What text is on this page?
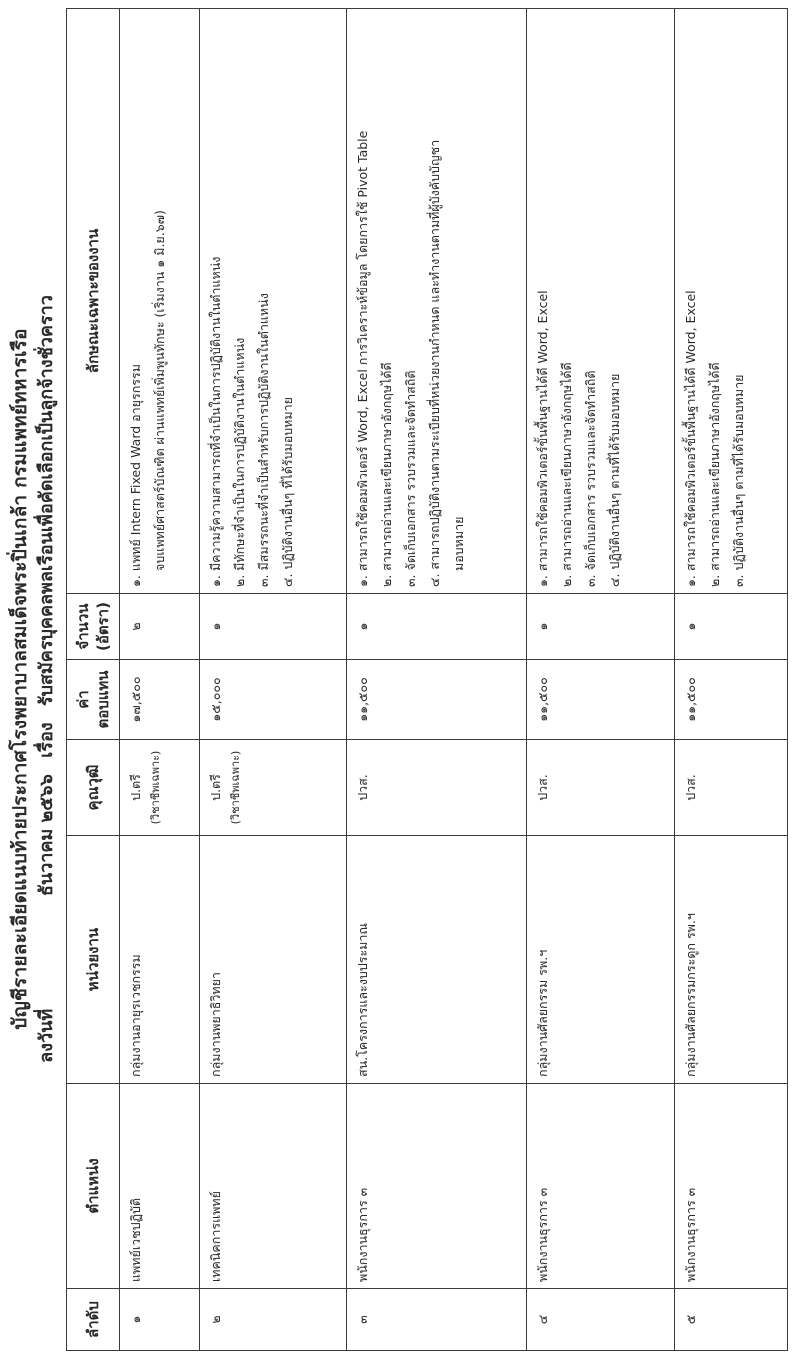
บัญชีรายละเอียดแนบท้ายประกาศโรงพยาบาลสมเด็จพระปิ่นเกล้า กรมแพทย์ทหารเรือ
ลงวันที่  ธันวาคม ๒๕๖๖ เรื่อง รับสมัครบุคคลพลเรือนเพื่อคัดเลือกเป็นลูกจ้างชั่วคราว
ลำดับ	ตำแหน่ง	หน่วยงาน	คุณวุฒิ	ค่าตอบแทน	จำนวน (อัตรา)	ลักษณะเฉพาะของงาน
๑	แพทย์เวชปฏิบัติ	กลุ่มงานอายุรเวชกรรม	ป.ตรี (วิชาชีพเฉพาะ)	๑๗,๕๐๐	๒	๑. แพทย์ Intern Fixed Ward อายุรกรรม จบแพทย์ศาสตร์บัณฑิต ผ่านแพทย์เพิ่มพูนทักษะ (เริ่มงาน ๑ มิ.ย.๖๗)

๒	เทคนิคการแพทย์	กลุ่มงานพยาธิวิทยา	ป.ตรี (วิชาชีพเฉพาะ)	๑๕,๐๐๐	๑	๑. มีความรู้ความสามารถที่จำเป็นในการปฏิบัติงานในตำแหน่ง ๒. มีทักษะที่จำเป็นในการปฏิบัติงานในตำแหน่ง ๓. มีสมรรถนะที่จำเป็นสำหรับการปฏิบัติงานในตำแหน่ง ๔. ปฏิบัติงานอื่นๆ ที่ได้รับมอบหมาย

๓	พนักงานธุรการ ๓	สน.โครงการและงบประมาณ	ปวส.	๑๑,๕๐๐	๑	๑. สามารถใช้คอมพิวเตอร์ Word, Excel การวิเคราะห์ข้อมูล โดยการใช้ Pivot Table ๒. สามารถอ่านและเขียนภาษาอังกฤษได้ดี ๓. จัดเก็บเอกสาร รวบรวมและจัดทำสถิติ ๔. สามารถปฏิบัติงานตามระเบียบที่หน่วยงานกำหนด และทำงานตามที่ผู้บังคับบัญชา มอบหมาย

๔	พนักงานธุรการ ๓	กลุ่มงานศัลยกรรม รพ.ฯ	ปวส.	๑๑,๕๐๐	๑	๑. สามารถใช้คอมพิวเตอร์ขั้นพื้นฐานได้ดี Word, Excel ๒. สามารถอ่านและเขียนภาษาอังกฤษได้ดี ๓. จัดเก็บเอกสาร รวบรวมและจัดทำสถิติ ๔. ปฏิบัติงานอื่นๆ ตามที่ได้รับมอบหมาย

๕	พนักงานธุรการ ๓	กลุ่มงานศัลยกรรมกระดูก รพ.ฯ	ปวส.	๑๑,๕๐๐	๑	๑. สามารถใช้คอมพิวเตอร์ขั้นพื้นฐานได้ดี Word, Excel ๒. สามารถอ่านและเขียนภาษาอังกฤษได้ดี ๓. ปฏิบัติงานอื่นๆ ตามที่ได้รับมอบหมาย
